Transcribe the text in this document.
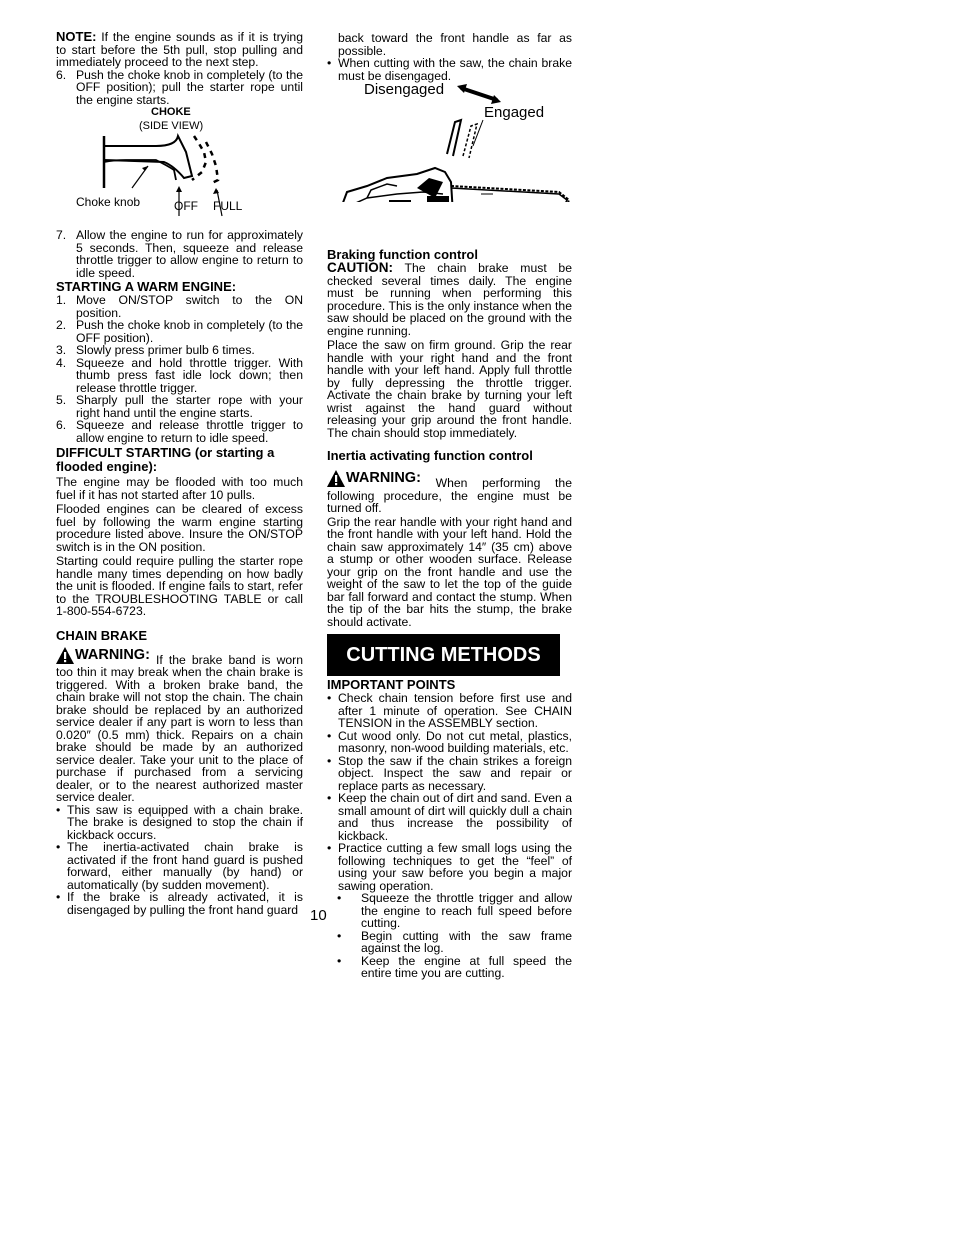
NOTE: If the engine sounds as if it is trying to start before the 5th pull, stop pulling and immediately proceed to the next step.

6. Push the choke knob in completely (to the OFF position); pull the starter rope until the engine starts.
CHOKE
(SIDE VIEW)
Choke knob	OFF FULL
7. Allow the engine to run for approximately 5 seconds. Then, squeeze and release throttle trigger to allow engine to return to idle speed.

STARTING A WARM ENGINE:

1. Move ON/STOP switch to the ON position.
2. Push the choke knob in completely (to the OFF position).
3. Slowly press primer bulb 6 times.
4. Squeeze and hold throttle trigger. With thumb press fast idle lock down; then release throttle trigger.
5. Sharply pull the starter rope with your right hand until the engine starts.
6. Squeeze and release throttle trigger to allow engine to return to idle speed.

DIFFICULT STARTING (or starting a flooded engine):

The engine may be flooded with too much fuel if it has not started after 10 pulls.

Flooded engines can be cleared of excess fuel by following the warm engine starting procedure listed above. Insure the ON/STOP switch is in the ON position.

Starting could require pulling the starter rope handle many times depending on how badly the unit is flooded. If engine fails to start, refer to the TROUBLESHOOTING TABLE or call 1-800-554-6723.

CHAIN BRAKE

WARNING: If the brake band is worn too thin it may break when the chain brake is triggered. With a broken brake band, the chain brake will not stop the chain. The chain brake should be replaced by an authorized service dealer if any part is worn to less than 0.020″ (0.5 mm) thick. Repairs on a chain brake should be made by an authorized service dealer. Take your unit to the place of purchase if purchased from a servicing dealer, or to the nearest authorized master service dealer.

• This saw is equipped with a chain brake. The brake is designed to stop the chain if kickback occurs.
• The inertia-activated chain brake is activated if the front hand guard is pushed forward, either manually (by hand) or automatically (by sudden movement).
• If the brake is already activated, it is disengaged by pulling the front hand guard

back toward the front handle as far as possible.

• When cutting with the saw, the chain brake must be disengaged.
Disengaged
Engaged

Braking function control

CAUTION: The chain brake must be checked several times daily. The engine must be running when performing this procedure. This is the only instance when the saw should be placed on the ground with the engine running.

Place the saw on firm ground. Grip the rear handle with your right hand and the front handle with your left hand. Apply full throttle by fully depressing the throttle trigger. Activate the chain brake by turning your left wrist against the hand guard without releasing your grip around the front handle. The chain should stop immediately.

Inertia activating function control

WARNING: When performing the following procedure, the engine must be turned off.

Grip the rear handle with your right hand and the front handle with your left hand. Hold the chain saw approximately 14″ (35 cm) above a stump or other wooden surface. Release your grip on the front handle and use the weight of the saw to let the top of the guide bar fall forward and contact the stump. When the tip of the bar hits the stump, the brake should activate.

CUTTING METHODS

IMPORTANT POINTS

• Check chain tension before first use and after 1 minute of operation. See CHAIN TENSION in the ASSEMBLY section.
• Cut wood only. Do not cut metal, plastics, masonry, non-wood building materials, etc.
• Stop the saw if the chain strikes a foreign object. Inspect the saw and repair or replace parts as necessary.
• Keep the chain out of dirt and sand. Even a small amount of dirt will quickly dull a chain and thus increase the possibility of kickback.
• Practice cutting a few small logs using the following techniques to get the “feel” of using your saw before you begin a major sawing operation.
•	Squeeze the throttle trigger and allow the engine to reach full speed before cutting.
•	Begin cutting with the saw frame against the log.
•	Keep the engine at full speed the entire time you are cutting.
10
